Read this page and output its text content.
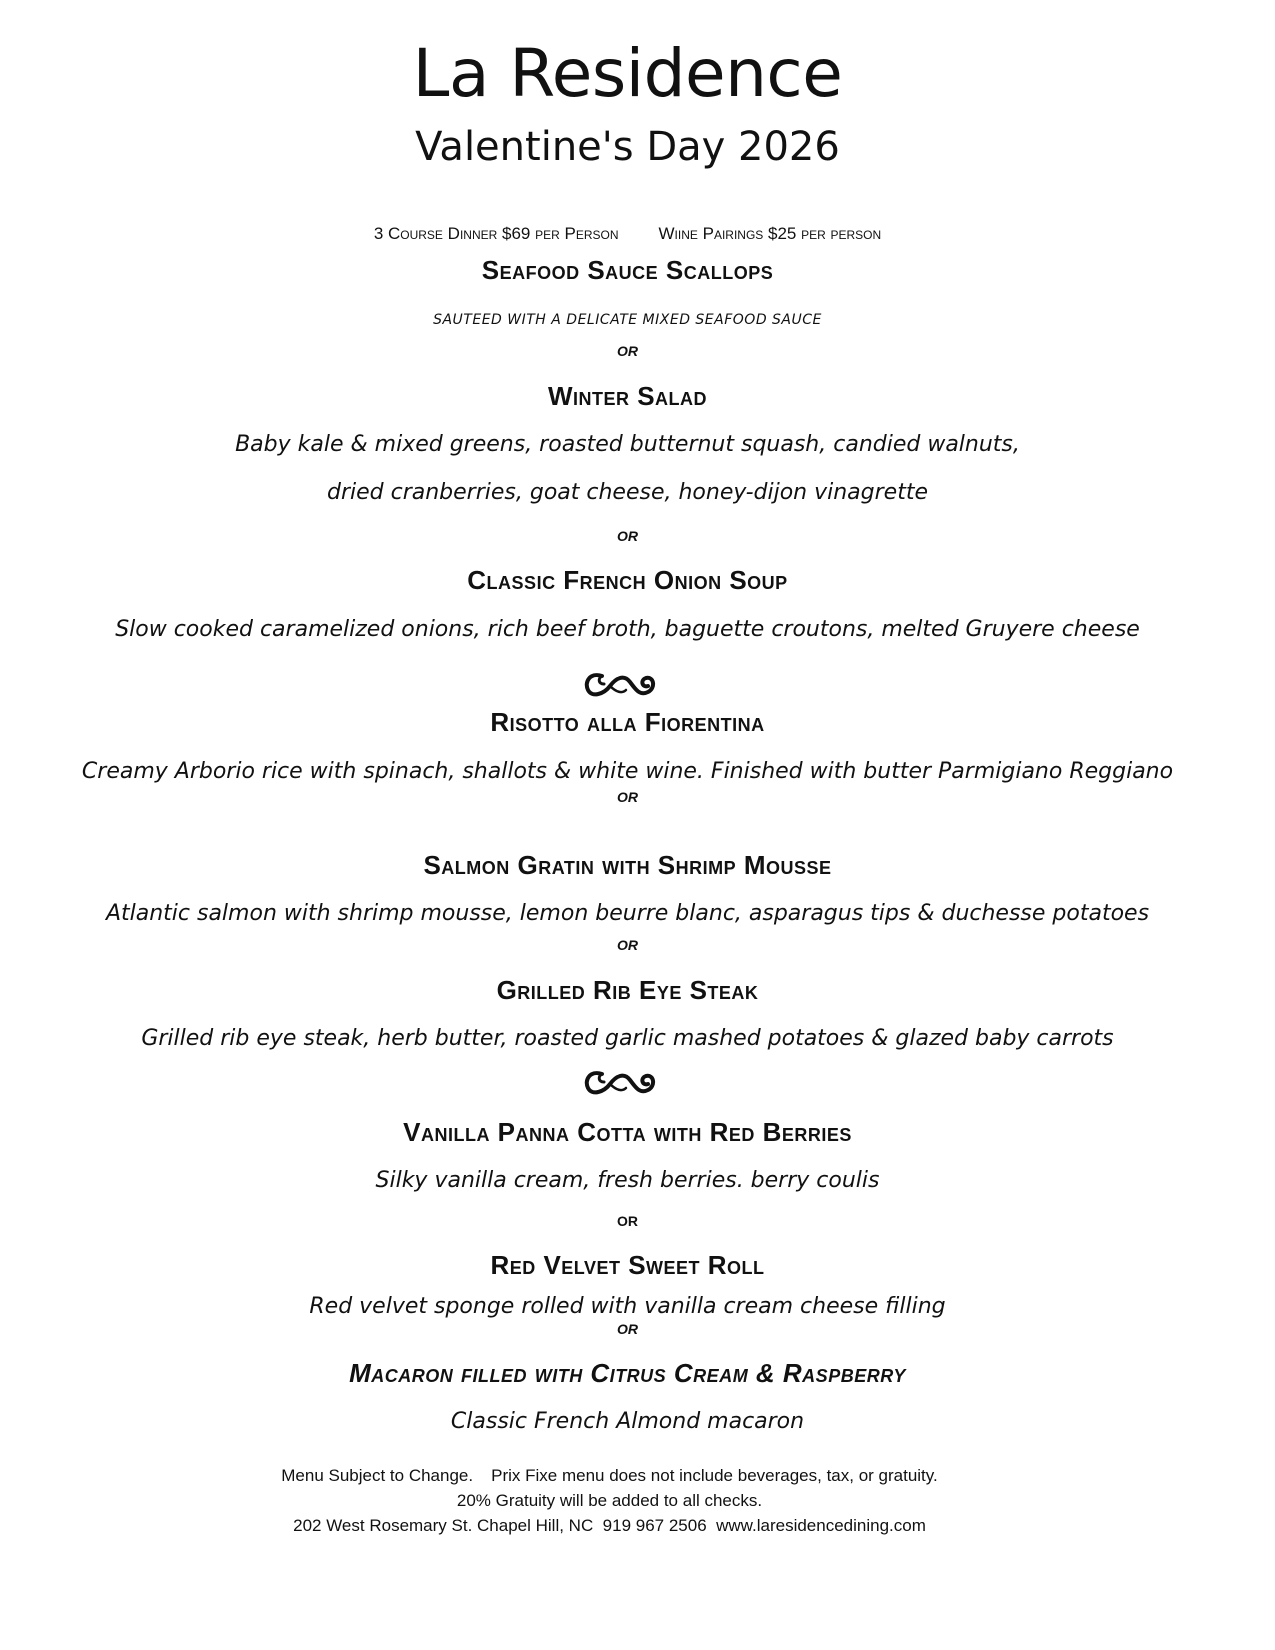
La Residence
Valentine's Day 2026
3 Course Dinner $69 per Person Wiine Pairings $25 per person
Seafood Sauce Scallops
SAUTEED WITH A DELICATE MIXED SEAFOOD SAUCE
OR
Winter Salad
Baby kale & mixed greens, roasted butternut squash, candied walnuts,
dried cranberries, goat cheese, honey-dijon vinagrette
OR
Classic French Onion Soup
Slow cooked caramelized onions, rich beef broth, baguette croutons, melted Gruyere cheese
Risotto alla Fiorentina
Creamy Arborio rice with spinach, shallots & white wine. Finished with butter Parmigiano Reggiano
OR
Salmon Gratin with Shrimp Mousse
Atlantic salmon with shrimp mousse, lemon beurre blanc, asparagus tips & duchesse potatoes
OR
Grilled Rib Eye Steak
Grilled rib eye steak, herb butter, roasted garlic mashed potatoes & glazed baby carrots
Vanilla Panna Cotta with Red Berries
Silky vanilla cream, fresh berries. berry coulis
OR
Red Velvet Sweet Roll
Red velvet sponge rolled with vanilla cream cheese filling
OR
Macaron filled with Citrus Cream & Raspberry
Classic French Almond macaron
Menu Subject to Change. Prix Fixe menu does not include beverages, tax, or gratuity.
20% Gratuity will be added to all checks.
202 West Rosemary St. Chapel Hill, NC  919 967 2506  www.laresidencedining.com
